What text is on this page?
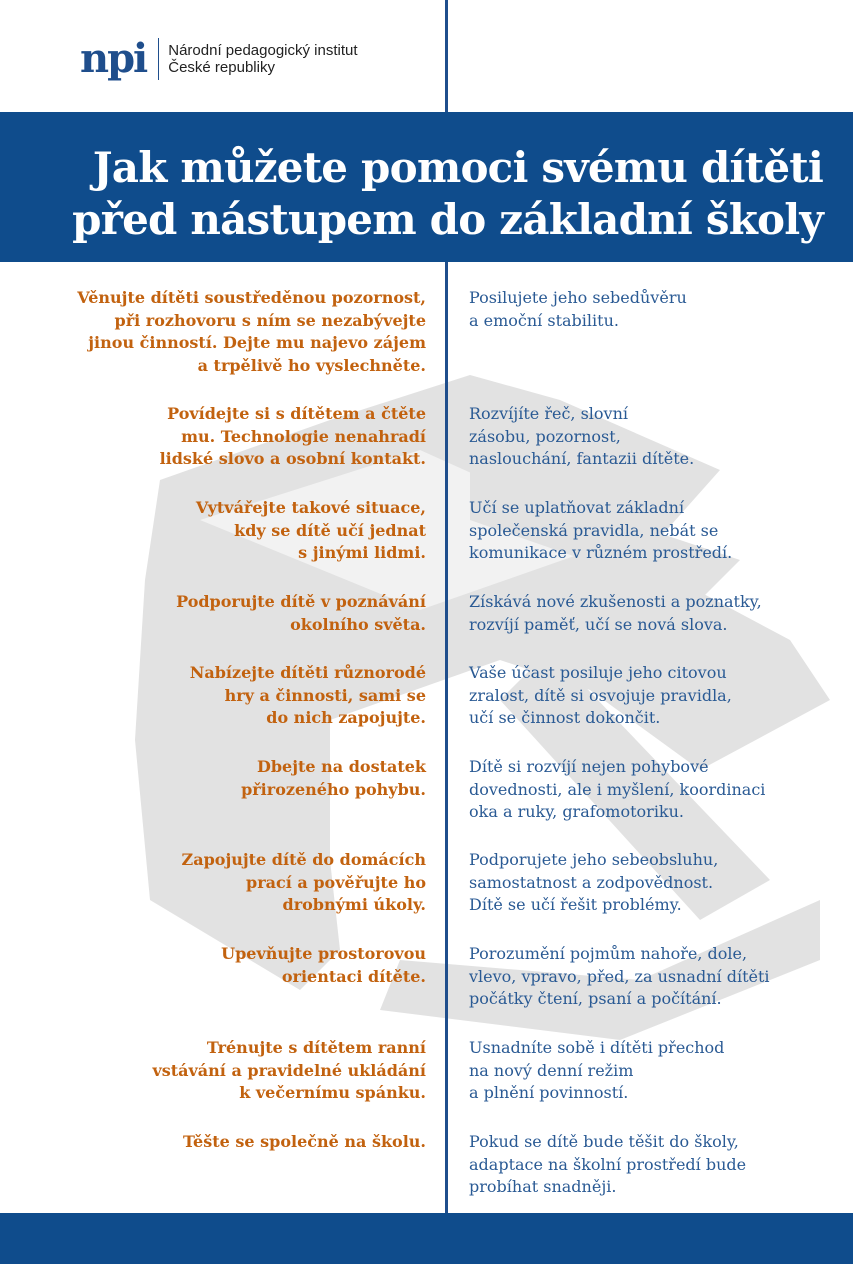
npi Národní pedagogický institut
České republiky
Jak můžete pomoci svému dítěti
před nástupem do základní školy

Věnujte dítěti soustředěnou pozornost,
při rozhovoru s ním se nezabývejte
jinou činností. Dejte mu najevo zájem
a trpělivě ho vyslechněte.

Posilujete jeho sebedůvěru
a emoční stabilitu.

Povídejte si s dítětem a čtěte
mu. Technologie nenahradí
lidské slovo a osobní kontakt.

Rozvíjíte řeč, slovní
zásobu, pozornost,
naslouchání, fantazii dítěte.

Vytvářejte takové situace,
kdy se dítě učí jednat
s jinými lidmi.

Učí se uplatňovat základní
společenská pravidla, nebát se
komunikace v různém prostředí.

Podporujte dítě v poznávání
okolního světa.

Získává nové zkušenosti a poznatky,
rozvíjí paměť, učí se nová slova.

Nabízejte dítěti různorodé
hry a činnosti, sami se
do nich zapojujte.

Vaše účast posiluje jeho citovou
zralost, dítě si osvojuje pravidla,
učí se činnost dokončit.

Dbejte na dostatek
přirozeného pohybu.

Dítě si rozvíjí nejen pohybové
dovednosti, ale i myšlení, koordinaci
oka a ruky, grafomotoriku.

Zapojujte dítě do domácích
prací a pověřujte ho
drobnými úkoly.

Podporujete jeho sebeobsluhu,
samostatnost a zodpovědnost.
Dítě se učí řešit problémy.

Upevňujte prostorovou
orientaci dítěte.

Porozumění pojmům nahoře, dole,
vlevo, vpravo, před, za usnadní dítěti
počátky čtení, psaní a počítání.

Trénujte s dítětem ranní
vstávání a pravidelné ukládání
k večernímu spánku.

Usnadníte sobě i dítěti přechod
na nový denní režim
a plnění povinností.

Těšte se společně na školu.	Pokud se dítě bude těšit do školy,
adaptace na školní prostředí bude
probíhat snadněji.
